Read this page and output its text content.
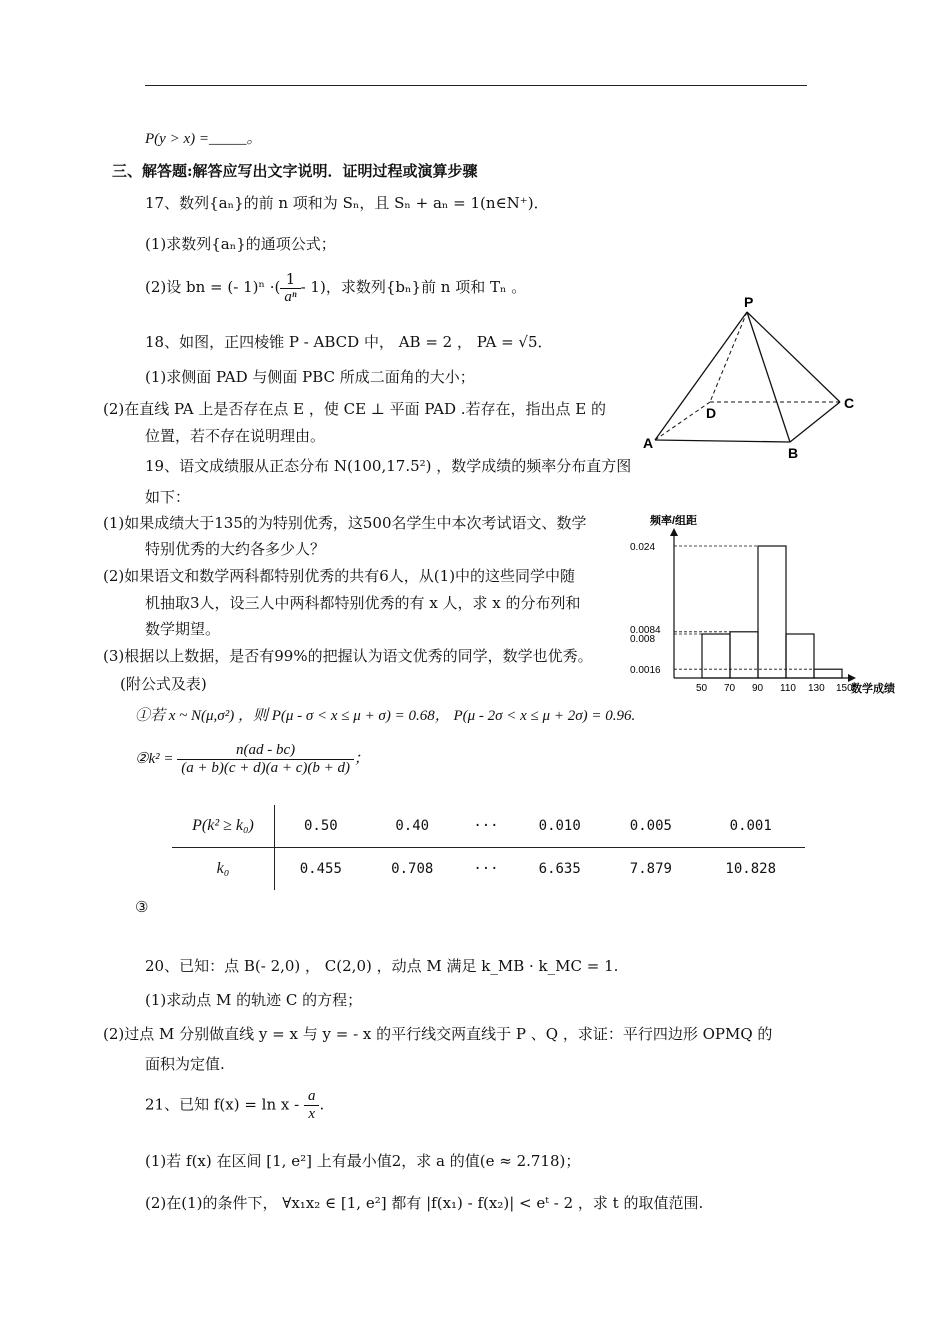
P(y > x) =_____。
三、解答题:解答应写出文字说明．证明过程或演算步骤
17、数列{aₙ}的前 n 项和为 Sₙ，且 Sₙ + aₙ = 1(n∈N⁺)．
(1)求数列{aₙ}的通项公式；
(2)设 bn = (- 1)ⁿ ·( $\frac{1}{\text{aⁿ}} - 1$)，求数列{bₙ}前 n 项和 Tₙ 。
18、如图，正四棱锥 P - ABCD 中， AB = 2 ， PA = √5．
(1)求侧面 PAD 与侧面 PBC 所成二面角的大小；
(2)在直线 PA 上是否存在点 E ，使 CE ⊥ 平面 PAD .若存在，指出点 E 的
位置，若不存在说明理由。
P
A
B
C
D
19、语文成绩服从正态分布 N(100,17.5²) ，数学成绩的频率分布直方图
如下：
(1)如果成绩大于135的为特别优秀，这500名学生中本次考试语文、数学
特别优秀的大约各多少人？
(2)如果语文和数学两科都特别优秀的共有6人，从(1)中的这些同学中随
机抽取3人，设三人中两科都特别优秀的有 x 人，求 x 的分布列和
数学期望。
(3)根据以上数据，是否有99%的把握认为语文优秀的同学，数学也优秀。
(附公式及表)
频率/组距
数学成绩
0.024
0.0084
0.008
0.0016
50 70 90 110 130 150
①若 x ~ N(μ,σ²) ，则 P(μ - σ < x ≤ μ + σ) = 0.68， P(μ - 2σ < x ≤ μ + 2σ) = 0.96.
②k² = $\frac{n(ad - bc)}{(a + b)(c + d)(a + c)(b + d)}$ ；
P(k² ≥ k₀)	0.50	0.40	···	0.010	0.005	0.001
k₀	0.455	0.708	···	6.635	7.879	10.828
③
20、已知：点 B(- 2,0) ， C(2,0) ，动点 M 满足 k_MB · k_MC = 1.
(1)求动点 M 的轨迹 C 的方程；
(2)过点 M 分别做直线 y = x 与 y = - x 的平行线交两直线于 P 、Q ，求证：平行四边形 OPMQ 的
面积为定值.
21、已知 $f(x) = \ln x - \frac{a}{x}$ .
(1)若 f(x) 在区间 [1, e²] 上有最小值2，求 a 的值(e ≈ 2.718)；
(2)在(1)的条件下， ∀x₁x₂ ∈ [1, e²] 都有 |f(x₁) - f(x₂)| < eᵗ - 2 ，求 t 的取值范围.
